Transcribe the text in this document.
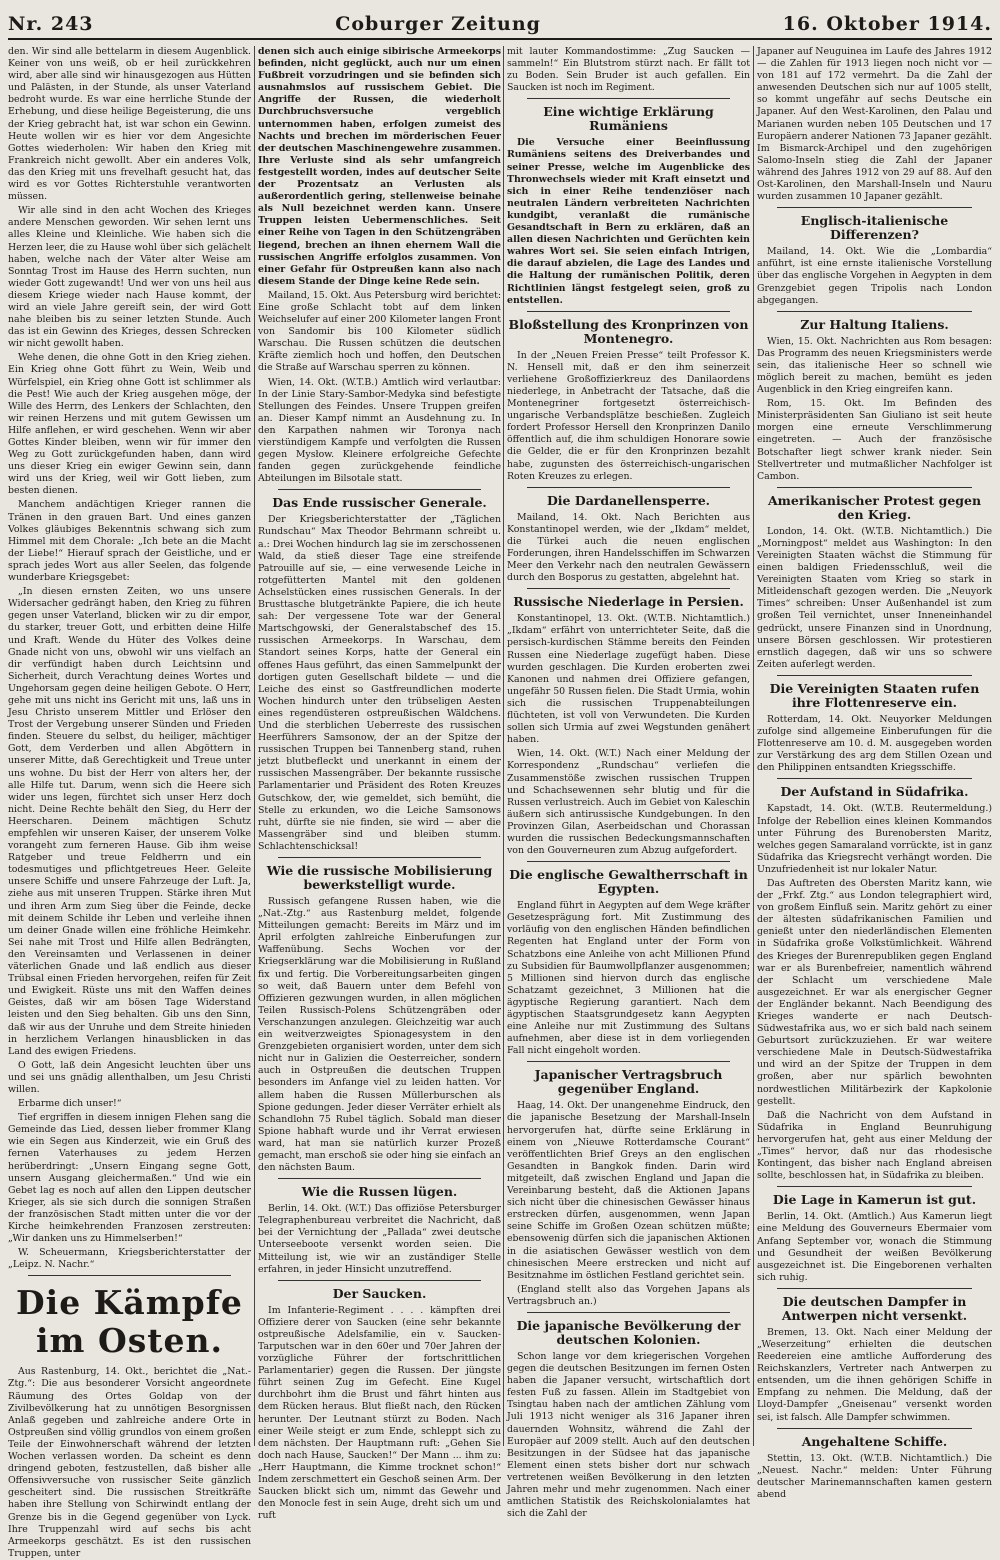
Nr. 243	Coburger Zeitung	16. Oktober 1914.

den. Wir sind alle bettelarm in diesem Augenblick. Keiner von uns weiß, ob er heil zurückkehren wird, aber alle sind wir hinausgezogen aus Hütten und Palästen, in der Stunde, als unser Vaterland bedroht wurde. Es war eine herrliche Stunde der Erhebung, und diese heilige Begeisterung, die uns der Krieg gebracht hat, ist war schon ein Gewinn. Heute wollen wir es hier vor dem Angesichte Gottes wiederholen: Wir haben den Krieg mit Frankreich nicht gewollt. Aber ein anderes Volk, das den Krieg mit uns frevelhaft gesucht hat, das wird es vor Gottes Richterstuhle verantworten müssen.

Wir alle sind in den acht Wochen des Krieges andere Menschen geworden. Wir sehen lernt uns alles Kleine und Kleinliche. Wie haben sich die Herzen leer, die zu Hause wohl über sich gelächelt haben, welche nach der Väter alter Weise am Sonntag Trost im Hause des Herrn suchten, nun wieder Gott zugewandt! Und wer von uns heil aus diesem Kriege wieder nach Hause kommt, der wird an viele Jahre gereift sein, der wird Gott nahe bleiben bis zu seiner letzten Stunde. Auch das ist ein Gewinn des Krieges, dessen Schrecken wir nicht gewollt haben.

Wehe denen, die ohne Gott in den Krieg ziehen. Ein Krieg ohne Gott führt zu Wein, Weib und Würfelspiel, ein Krieg ohne Gott ist schlimmer als die Pest! Wie auch der Krieg ausgehen möge, der Wille des Herrn, des Lenkers der Schlachten, den wir reinen Herzens und mit gutem Gewissen um Hilfe anflehen, er wird geschehen. Wenn wir aber Gottes Kinder bleiben, wenn wir für immer den Weg zu Gott zurückgefunden haben, dann wird uns dieser Krieg ein ewiger Gewinn sein, dann wird uns der Krieg, weil wir Gott lieben, zum besten dienen.

Manchem andächtigen Krieger rannen die Tränen in den grauen Bart. Und eines ganzen Volkes gläubiges Bekenntnis schwang sich zum Himmel mit dem Chorale: „Ich bete an die Macht der Liebe!“ Hierauf sprach der Geistliche, und er sprach jedes Wort aus aller Seelen, das folgende wunderbare Kriegsgebet:

„In diesen ernsten Zeiten, wo uns unsere Widersacher gedrängt haben, den Krieg zu führen gegen unser Vaterland, blicken wir zu dir empor, du starker, treuer Gott, und erbitten deine Hilfe und Kraft. Wende du Hüter des Volkes deine Gnade nicht von uns, obwohl wir uns vielfach an dir verfündigt haben durch Leichtsinn und Sicherheit, durch Verachtung deines Wortes und Ungehorsam gegen deine heiligen Gebote. O Herr, gehe mit uns nicht ins Gericht mit uns, laß uns in Jesu Christo unserem Mittler und Erlöser den Trost der Vergebung unserer Sünden und Frieden finden. Steuere du selbst, du heiliger, mächtiger Gott, dem Verderben und allen Abgöttern in unserer Mitte, daß Gerechtigkeit und Treue unter uns wohne. Du bist der Herr von alters her, der alle Hilfe tut. Darum, wenn sich die Heere sich wider uns legen, fürchtet sich unser Herz doch nicht. Deine Rechte behält den Sieg, du Herr der Heerscharen. Deinem mächtigen Schutz empfehlen wir unseren Kaiser, der unserem Volke vorangeht zum ferneren Hause. Gib ihm weise Ratgeber und treue Feldherrn und ein todesmutiges und pflichtgetreues Heer. Geleite unsere Schiffe und unsere Fahrzeuge der Luft. Ja, ziehe aus mit unseren Truppen. Stärke ihren Mut und ihren Arm zum Sieg über die Feinde, decke mit deinem Schilde ihr Leben und verleihe ihnen um deiner Gnade willen eine fröhliche Heimkehr. Sei nahe mit Trost und Hilfe allen Bedrängten, den Vereinsamten und Verlassenen in deiner väterlichen Gnade und laß endlich aus dieser Trübsal einen Frieden hervorgehen, reifen für Zeit und Ewigkeit. Rüste uns mit den Waffen deines Geistes, daß wir am bösen Tage Widerstand leisten und den Sieg behalten. Gib uns den Sinn, daß wir aus der Unruhe und dem Streite hinieden in herzlichem Verlangen hinausblicken in das Land des ewigen Friedens.

O Gott, laß dein Angesicht leuchten über uns und sei uns gnädig allenthalben, um Jesu Christi willen.

Erbarme dich unser!“

Tief ergriffen in diesem innigen Flehen sang die Gemeinde das Lied, dessen lieber frommer Klang wie ein Segen aus Kinderzeit, wie ein Gruß des fernen Vaterhauses zu jedem Herzen herüberdringt: „Unsern Eingang segne Gott, unsern Ausgang gleichermaßen.“ Und wie ein Gebet lag es noch auf allen den Lippen deutscher Krieger, als sie sich durch die sonnigen Straßen der französischen Stadt mitten unter die vor der Kirche heimkehrenden Franzosen zerstreuten: „Wir danken uns zu Himmelserben!“

W. Scheuermann, Kriegsberichterstatter der „Leipz. N. Nachr.“

Die Kämpfe im Osten.

Aus Rastenburg, 14. Okt., berichtet die „Nat.-Ztg.“: Die aus besonderer Vorsicht angeordnete Räumung des Ortes Goldap von der Zivilbevölkerung hat zu unnötigen Besorgnissen Anlaß gegeben und zahlreiche andere Orte in Ostpreußen sind völlig grundlos von einem großen Teile der Einwohnerschaft während der letzten Wochen verlassen worden. Da scheint es denn dringend geboten, festzustellen, daß bisher alle Offensivversuche von russischer Seite gänzlich gescheitert sind. Die russischen Streitkräfte haben ihre Stellung von Schirwindt entlang der Grenze bis in die Gegend gegenüber von Lyck. Ihre Truppenzahl wird auf sechs bis acht Armeekorps geschätzt. Es ist den russischen Truppen, unter

denen sich auch einige sibirische Armeekorps befinden, nicht geglückt, auch nur um einen Fußbreit vorzudringen und sie befinden sich ausnahmslos auf russischem Gebiet. Die Angriffe der Russen, die wiederholt Durchbruchsversuche vergeblich unternommen haben, erfolgen zumeist des Nachts und brechen im mörderischen Feuer der deutschen Maschinengewehre zusammen. Ihre Verluste sind als sehr umfangreich festgestellt worden, indes auf deutscher Seite der Prozentsatz an Verlusten als außerordentlich gering, stellenweise beinahe als Null bezeichnet werden kann. Unsere Truppen leisten Uebermenschliches. Seit einer Reihe von Tagen in den Schützengräben liegend, brechen an ihnen ehernem Wall die russischen Angriffe erfolglos zusammen. Von einer Gefahr für Ostpreußen kann also nach diesem Stande der Dinge keine Rede sein.

Mailand, 15. Okt. Aus Petersburg wird berichtet: Eine große Schlacht tobt auf dem linken Weichselufer auf einer 200 Kilometer langen Front von Sandomir bis 100 Kilometer südlich Warschau. Die Russen schützen die deutschen Kräfte ziemlich hoch und hoffen, den Deutschen die Straße auf Warschau sperren zu können.

Wien, 14. Okt. (W.T.B.) Amtlich wird verlautbar: In der Linie Stary-Sambor-Medyka sind befestigte Stellungen des Feindes. Unsere Truppen greifen an. Dieser Kampf nimmt an Ausdehnung zu. In den Karpathen nahmen wir Toronya nach vierstündigem Kampfe und verfolgten die Russen gegen Mysłow. Kleinere erfolgreiche Gefechte fanden gegen zurückgehende feindliche Abteilungen im Bilsotale statt.

Das Ende russischer Generale.

Der Kriegsberichterstatter der „Täglichen Rundschau“ Max Theodor Behrmann schreibt u. a.: Drei Wochen hindurch lag sie im zerschossenen Wald, da stieß dieser Tage eine streifende Patrouille auf sie, — eine verwesende Leiche in rotgefütterten Mantel mit den goldenen Achselstücken eines russischen Generals. In der Brusttasche blutgetränkte Papiere, die ich heute sah: Der vergessene Tote war der General Martschgowski, der Generalstabschef des 15. russischen Armeekorps. In Warschau, dem Standort seines Korps, hatte der General ein offenes Haus geführt, das einen Sammelpunkt der dortigen guten Gesellschaft bildete — und die Leiche des einst so Gastfreundlichen moderte Wochen hindurch unter den trübseligen Aesten eines regendüsteren ostpreußischen Wäldchens. Und die sterblichen Ueberreste des russischen Heerführers Samsonow, der an der Spitze der russischen Truppen bei Tannenberg stand, ruhen jetzt blutbefleckt und unerkannt in einem der russischen Massengräber. Der bekannte russische Parlamentarier und Präsident des Roten Kreuzes Gutschkow, der, wie gemeldet, sich bemüht, die Stelle zu erkunden, wo die Leiche Samsonows ruht, dürfte sie nie finden, sie wird — aber die Massengräber sind und bleiben stumm. Schlachtenschicksal!

Wie die russische Mobilisierung bewerkstelligt wurde.

Russisch gefangene Russen haben, wie die „Nat.-Ztg.“ aus Rastenburg meldet, folgende Mitteilungen gemacht: Bereits im März und im April erfolgten zahlreiche Einberufungen zur Waffenübung. Sechs Wochen vor der Kriegserklärung war die Mobilisierung in Rußland fix und fertig. Die Vorbereitungsarbeiten gingen so weit, daß Bauern unter dem Befehl von Offizieren gezwungen wurden, in allen möglichen Teilen Russisch-Polens Schützengräben oder Verschanzungen anzulegen. Gleichzeitig war auch ein weitverzweigtes Spionagesystem in den Grenzgebieten organisiert worden, unter dem sich nicht nur in Galizien die Oesterreicher, sondern auch in Ostpreußen die deutschen Truppen besonders im Anfange viel zu leiden hatten. Vor allem haben die Russen Müllerburschen als Spione gedungen. Jeder dieser Verräter erhielt als Schandlohn 75 Rubel täglich. Sobald man dieser Spione habhaft wurde und ihr Verrat erwiesen ward, hat man sie natürlich kurzer Prozeß gemacht, man erschoß sie oder hing sie einfach an den nächsten Baum.

Wie die Russen lügen.

Berlin, 14. Okt. (W.T.) Das offiziöse Petersburger Telegraphenbureau verbreitet die Nachricht, daß bei der Vernichtung der „Pallada“ zwei deutsche Unterseeboote versenkt worden seien. Die Mitteilung ist, wie wir an zuständiger Stelle erfahren, in jeder Hinsicht unzutreffend.

Der Saucken.

Im Infanterie-Regiment . . . . kämpften drei Offiziere derer von Saucken (eine sehr bekannte ostpreußische Adelsfamilie, ein v. Saucken-Tarputschen war in den 60er und 70er Jahren der vorzügliche Führer der fortschrittlichen Parlamentarier) gegen die Russen. Der jüngste führt seinen Zug im Gefecht. Eine Kugel durchbohrt ihm die Brust und fährt hinten aus dem Rücken heraus. Blut fließt nach, den Rücken herunter. Der Leutnant stürzt zu Boden. Nach einer Weile steigt er zum Ende, schleppt sich zu dem nächsten. Der Hauptmann ruft: „Gehen Sie doch nach Hause, Saucken!“ Der Mann ... ihm zu: „Herr Hauptmann, die Kimme trocknet schon!“ Indem zerschmettert ein Geschoß seinen Arm. Der Saucken blickt sich um, nimmt das Gewehr und den Monocle fest in sein Auge, dreht sich um und ruft

mit lauter Kommandostimme: „Zug Saucken — sammeln!“ Ein Blutstrom stürzt nach. Er fällt tot zu Boden. Sein Bruder ist auch gefallen. Ein Saucken ist noch im Regiment.

Eine wichtige Erklärung Rumäniens

Die Versuche einer Beeinflussung Rumäniens seitens des Dreiverbandes und seiner Presse, welche im Augenblicke des Thronwechsels wieder mit Kraft einsetzt und sich in einer Reihe tendenziöser nach neutralen Ländern verbreiteten Nachrichten kundgibt, veranlaßt die rumänische Gesandtschaft in Bern zu erklären, daß an allen diesen Nachrichten und Gerüchten kein wahres Wort sei. Sie seien einfach Intrigen, die darauf abzielen, die Lage des Landes und die Haltung der rumänischen Politik, deren Richtlinien längst festgelegt seien, groß zu entstellen.

Bloßstellung des Kronprinzen von Montenegro.

In der „Neuen Freien Presse“ teilt Professor K. N. Hensell mit, daß er den ihm seinerzeit verliehene Großoffizierkreuz des Danilaordens niederlege, in Anbetracht der Tatsache, daß die Montenegriner fortgesetzt österreichisch-ungarische Verbandsplätze beschießen. Zugleich fordert Professor Hersell den Kronprinzen Danilo öffentlich auf, die ihm schuldigen Honorare sowie die Gelder, die er für den Kronprinzen bezahlt habe, zugunsten des österreichisch-ungarischen Roten Kreuzes zu erlegen.

Die Dardanellensperre.

Mailand, 14. Okt. Nach Berichten aus Konstantinopel werden, wie der „Ikdam“ meldet, die Türkei auch die neuen englischen Forderungen, ihren Handelsschiffen im Schwarzen Meer den Verkehr nach den neutralen Gewässern durch den Bosporus zu gestatten, abgelehnt hat.

Russische Niederlage in Persien.

Konstantinopel, 13. Okt. (W.T.B. Nichtamtlich.) „Ikdam“ erfährt von unterrichteter Seite, daß die persisch-kurdischen Stämme bereits den Feinden Russen eine Niederlage zugefügt haben. Diese wurden geschlagen. Die Kurden eroberten zwei Kanonen und nahmen drei Offiziere gefangen, ungefähr 50 Russen fielen. Die Stadt Urmia, wohin sich die russischen Truppenabteilungen flüchteten, ist voll von Verwundeten. Die Kurden sollen sich Urmia auf zwei Wegstunden genähert haben.

Wien, 14. Okt. (W.T.) Nach einer Meldung der Korrespondenz „Rundschau“ verliefen die Zusammenstöße zwischen russischen Truppen und Schachsewennen sehr blutig und für die Russen verlustreich. Auch im Gebiet von Kaleschin äußern sich antirussische Kundgebungen. In den Provinzen Gilan, Aserbeidschan und Chorassan wurden die russischen Bedeckungsmannschaften von den Gouverneuren zum Abzug aufgefordert.

Die englische Gewaltherrschaft in Egypten.

England führt in Aegypten auf dem Wege kräfter Gesetzesprägung fort. Mit Zustimmung des vorläufig von den englischen Händen befindlichen Regenten hat England unter der Form von Schatzbons eine Anleihe von acht Millionen Pfund zu Subsidien für Baumwollpflanzer ausgenommen; 5 Millionen sind hiervon durch das englische Schatzamt gezeichnet, 3 Millionen hat die ägyptische Regierung garantiert. Nach dem ägyptischen Staatsgrundgesetz kann Aegypten eine Anleihe nur mit Zustimmung des Sultans aufnehmen, aber diese ist in dem vorliegenden Fall nicht eingeholt worden.

Japanischer Vertragsbruch gegenüber England.

Haag, 14. Okt. Der unangenehme Eindruck, den die japanische Besetzung der Marshall-Inseln hervorgerufen hat, dürfte seine Erklärung in einem von „Nieuwe Rotterdamsche Courant“ veröffentlichten Brief Greys an den englischen Gesandten in Bangkok finden. Darin wird mitgeteilt, daß zwischen England und Japan die Vereinbarung besteht, daß die Aktionen Japans sich nicht über die chinesischen Gewässer hinaus erstrecken dürfen, ausgenommen, wenn Japan seine Schiffe im Großen Ozean schützen müßte; ebensowenig dürfen sich die japanischen Aktionen in die asiatischen Gewässer westlich von dem chinesischen Meere erstrecken und nicht auf Besitznahme im östlichen Festland gerichtet sein.

(England stellt also das Vorgehen Japans als Vertragsbruch an.)

Die japanische Bevölkerung der deutschen Kolonien.

Schon lange vor dem kriegerischen Vorgehen gegen die deutschen Besitzungen im fernen Osten haben die Japaner versucht, wirtschaftlich dort festen Fuß zu fassen. Allein im Stadtgebiet von Tsingtau haben nach der amtlichen Zählung vom Juli 1913 nicht weniger als 316 Japaner ihren dauernden Wohnsitz, während die Zahl der Europäer auf 2009 stellt. Auch auf den deutschen Besitzungen in der Südsee hat das japanische Element einen stets bisher dort nur schwach vertretenen weißen Bevölkerung in den letzten Jahren mehr und mehr zugenommen. Nach einer amtlichen Statistik des Reichskolonialamtes hat sich die Zahl der

Japaner auf Neuguinea im Laufe des Jahres 1912 — die Zahlen für 1913 liegen noch nicht vor — von 181 auf 172 vermehrt. Da die Zahl der anwesenden Deutschen sich nur auf 1005 stellt, so kommt ungefähr auf sechs Deutsche ein Japaner. Auf den West-Karolinen, den Palau und Marianen wurden neben 105 Deutschen und 17 Europäern anderer Nationen 73 Japaner gezählt. Im Bismarck-Archipel und den zugehörigen Salomo-Inseln stieg die Zahl der Japaner während des Jahres 1912 von 29 auf 88. Auf den Ost-Karolinen, den Marshall-Inseln und Nauru wurden zusammen 10 Japaner gezählt.

Englisch-italienische Differenzen?

Mailand, 14. Okt. Wie die „Lombardia“ anführt, ist eine ernste italienische Vorstellung über das englische Vorgehen in Aegypten in dem Grenzgebiet gegen Tripolis nach London abgegangen.

Zur Haltung Italiens.

Wien, 15. Okt. Nachrichten aus Rom besagen: Das Programm des neuen Kriegsministers werde sein, das italienische Heer so schnell wie möglich bereit zu machen, bemüht es jeden Augenblick in den Krieg eingreifen kann.

Rom, 15. Okt. Im Befinden des Ministerpräsidenten San Giuliano ist seit heute morgen eine erneute Verschlimmerung eingetreten. — Auch der französische Botschafter liegt schwer krank nieder. Sein Stellvertreter und mutmaßlicher Nachfolger ist Cambon.

Amerikanischer Protest gegen den Krieg.

London, 14. Okt. (W.T.B. Nichtamtlich.) Die „Morningpost“ meldet aus Washington: In den Vereinigten Staaten wächst die Stimmung für einen baldigen Friedensschluß, weil die Vereinigten Staaten vom Krieg so stark in Mitleidenschaft gezogen werden. Die „Neuyork Times“ schreiben: Unser Außenhandel ist zum großen Teil vernichtet, unser Inneneinhandel gedrückt, unsere Finanzen sind in Unordnung, unsere Börsen geschlossen. Wir protestieren ernstlich dagegen, daß wir uns so schwere Zeiten auferlegt werden.

Die Vereinigten Staaten rufen ihre Flottenreserve ein.

Rotterdam, 14. Okt. Neuyorker Meldungen zufolge sind allgemeine Einberufungen für die Flottenreserve am 10. d. M. ausgegeben worden zur Verstärkung des arg dem Stillen Ozean und den Philippinen entsandten Kriegsschiffe.

Der Aufstand in Südafrika.

Kapstadt, 14. Okt. (W.T.B. Reutermeldung.) Infolge der Rebellion eines kleinen Kommandos unter Führung des Burenobersten Maritz, welches gegen Samaraland vorrückte, ist in ganz Südafrika das Kriegsrecht verhängt worden. Die Unzufriedenheit ist nur lokaler Natur.

Das Auftreten des Obersten Maritz kann, wie der „Frkf. Ztg.“ aus London telegraphiert wird, von großem Einfluß sein. Maritz gehört zu einer der ältesten südafrikanischen Familien und genießt unter den niederländischen Elementen in Südafrika große Volkstümlichkeit. Während des Krieges der Burenrepubliken gegen England war er als Burenbefreier, namentlich während der Schlacht um verschiedene Male ausgezeichnet. Er war als energischer Gegner der Engländer bekannt. Nach Beendigung des Krieges wanderte er nach Deutsch-Südwestafrika aus, wo er sich bald nach seinem Geburtsort zurückzuziehen. Er war weitere verschiedene Male in Deutsch-Südwestafrika und wird an der Spitze der Truppen in dem großen, aber nur spärlich bewohnten nordwestlichen Militärbezirk der Kapkolonie gestellt.

Daß die Nachricht von dem Aufstand in Südafrika in England Beunruhigung hervorgerufen hat, geht aus einer Meldung der „Times“ hervor, daß nur das rhodesische Kontingent, das bisher nach England abreisen sollte, beschlossen hat, in Südafrika zu bleiben.

Die Lage in Kamerun ist gut.

Berlin, 14. Okt. (Amtlich.) Aus Kamerun liegt eine Meldung des Gouverneurs Ebermaier vom Anfang September vor, wonach die Stimmung und Gesundheit der weißen Bevölkerung ausgezeichnet ist. Die Eingeborenen verhalten sich ruhig.

Die deutschen Dampfer in Antwerpen nicht versenkt.

Bremen, 13. Okt. Nach einer Meldung der „Weserzeitung“ erhielten die deutschen Reedereien eine amtliche Aufforderung des Reichskanzlers, Vertreter nach Antwerpen zu entsenden, um die ihnen gehörigen Schiffe in Empfang zu nehmen. Die Meldung, daß der Lloyd-Dampfer „Gneisenau“ versenkt worden sei, ist falsch. Alle Dampfer schwimmen.

Angehaltene Schiffe.

Stettin, 13. Okt. (W.T.B. Nichtamtlich.) Die „Neuest. Nachr.“ melden: Unter Führung deutscher Marinemannschaften kamen gestern abend
